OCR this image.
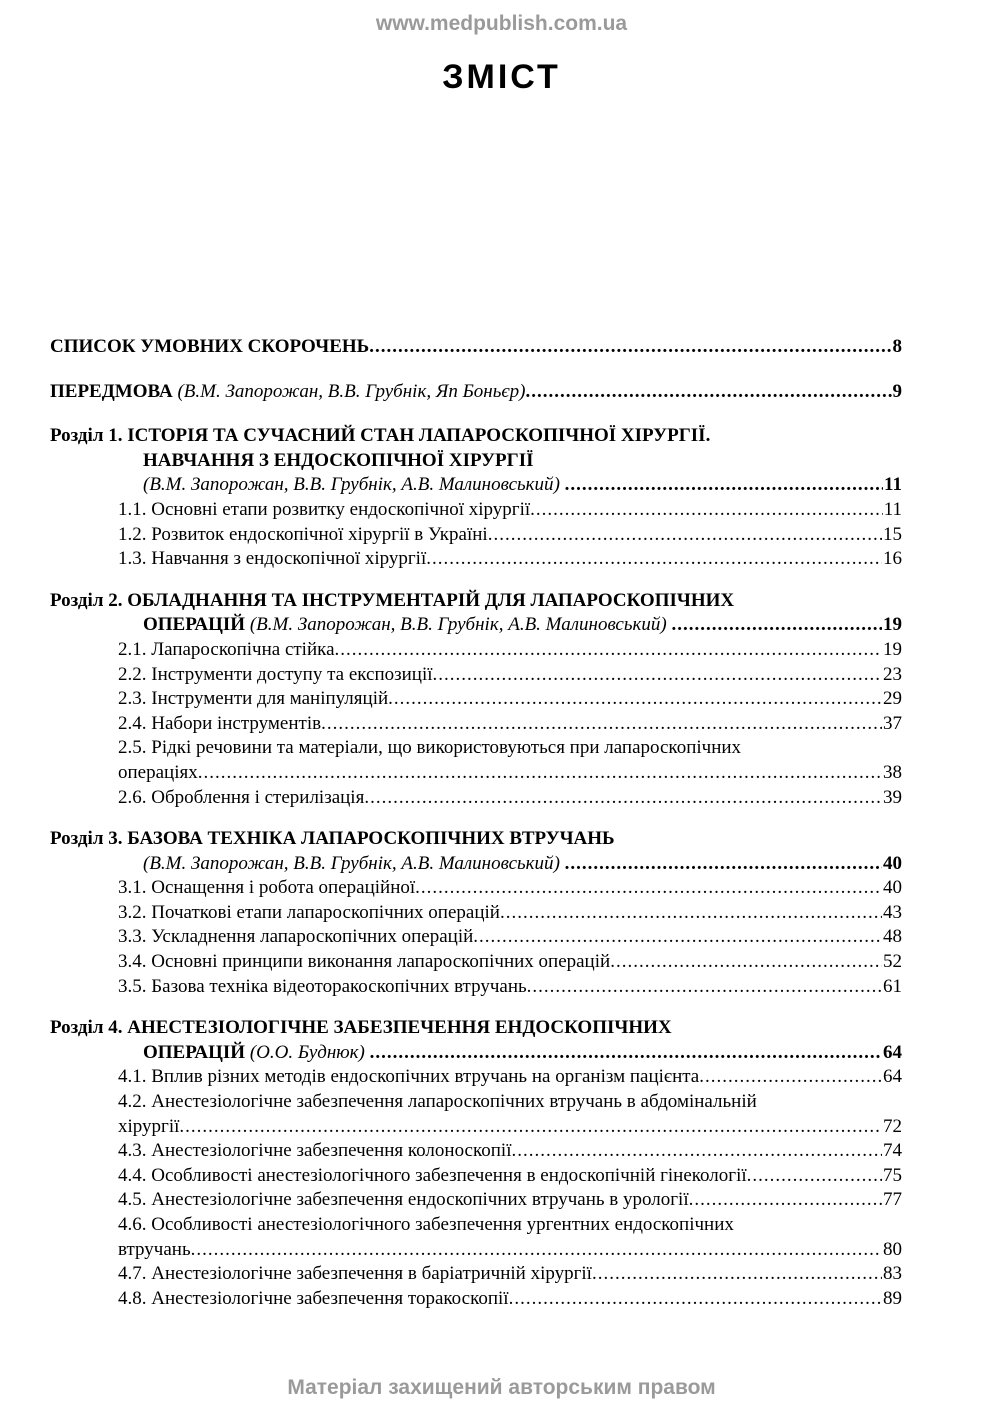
www.medpublish.com.ua
ЗМІСТ
СПИСОК УМОВНИХ СКОРОЧЕНЬ .....	8
ПЕРЕДМОВА (В.М. Запорожан, В.В. Грубнік, Яп Боньєр) .....	9
Розділ 1. ІСТОРІЯ ТА СУЧАСНИЙ СТАН ЛАПАРОСКОПІЧНОЇ ХІРУРГІЇ.
НАВЧАННЯ З ЕНДОСКОПІЧНОЇ ХІРУРГІЇ
(В.М. Запорожан, В.В. Грубнік, А.В. Малиновський) .....	11
1.1. Основні етапи розвитку ендоскопічної хірургії .....	11
1.2. Розвиток ендоскопічної хірургії в Україні .....	15
1.3. Навчання з ендоскопічної хірургії .....	16
Розділ 2. ОБЛАДНАННЯ ТА ІНСТРУМЕНТАРІЙ ДЛЯ ЛАПАРОСКОПІЧНИХ
ОПЕРАЦІЙ (В.М. Запорожан, В.В. Грубнік, А.В. Малиновський) .....	19
2.1. Лапароскопічна стійка .....	19
2.2. Інструменти доступу та експозиції .....	23
2.3. Інструменти для маніпуляцій .....	29
2.4. Набори інструментів .....	37
2.5. Рідкі речовини та матеріали, що використовуються при лапароскопічних
операціях .....	38
2.6. Оброблення і стерилізація .....	39
Розділ 3. БАЗОВА ТЕХНІКА ЛАПАРОСКОПІЧНИХ ВТРУЧАНЬ
(В.М. Запорожан, В.В. Грубнік, А.В. Малиновський) .....	40
3.1. Оснащення і робота операційної .....	40
3.2. Початкові етапи лапароскопічних операцій .....	43
3.3. Ускладнення лапароскопічних операцій .....	48
3.4. Основні принципи виконання лапароскопічних операцій .....	52
3.5. Базова техніка відеоторакоскопічних втручань .....	61
Розділ 4. АНЕСТЕЗІОЛОГІЧНЕ ЗАБЕЗПЕЧЕННЯ ЕНДОСКОПІЧНИХ
ОПЕРАЦІЙ (О.О. Буднюк) .....	64
4.1. Вплив різних методів ендоскопічних втручань на організм пацієнта .....	64
4.2. Анестезіологічне забезпечення лапароскопічних втручань в абдомінальній
хірургії .....	72
4.3. Анестезіологічне забезпечення колоноскопії .....	74
4.4. Особливості анестезіологічного забезпечення в ендоскопічній гінекології .....	75
4.5. Анестезіологічне забезпечення ендоскопічних втручань в урології .....	77
4.6. Особливості анестезіологічного забезпечення ургентних ендоскопічних
втручань .....	80
4.7. Анестезіологічне забезпечення в баріатричній хірургії .....	83
4.8. Анестезіологічне забезпечення торакоскопії .....	89
Матеріал захищений авторським правом
